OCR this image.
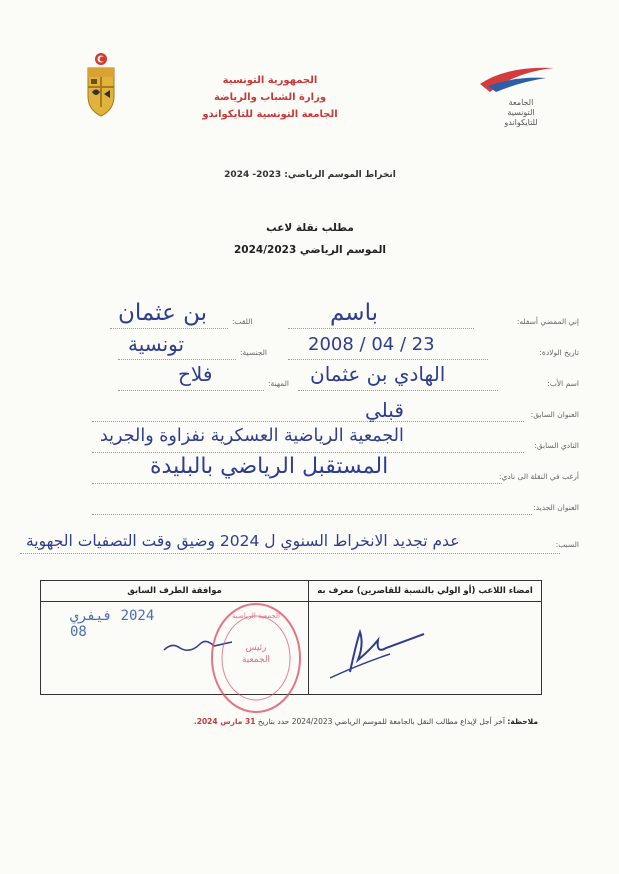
الجمهورية التونسية
وزارة الشباب والرياضة
الجامعة التونسية للتايكواندو
الجامعة
التونسية
للتايكواندو
انخراط الموسم الرياضي: 2023- 2024
مطلب نقلة لاعب
الموسم الرياضي 2024/2023
إني الممضي أسفله:
باسم
اللقب:
بن عثمان
تاريخ الولادة:
2008 / 04 / 23
الجنسية:
تونسية
اسم الأب:
الهادي بن عثمان
المهنة:
فلاح
العنوان السابق:
قبلي
النادي السابق:
الجمعية الرياضية العسكرية نفزاوة والجريد
أرغب في النقلة الى نادي:
المستقبل الرياضي بالبليدة
العنوان الجديد:
السبب:
عدم تجديد الانخراط السنوي ل 2024 وضيق وقت التصفيات الجهوية
امضاء اللاعب (أو الولي بالنسبة للقاصرين) معرف به
موافقة الطرف السابق
2024 فيفري 08
رئيس
الجمعية
الجمعية الرياضية
ملاحظة: آخر أجل لإيداع مطالب النقل بالجامعة للموسم الرياضي 2024/2023 حدد بتاريخ 31 مارس 2024.
